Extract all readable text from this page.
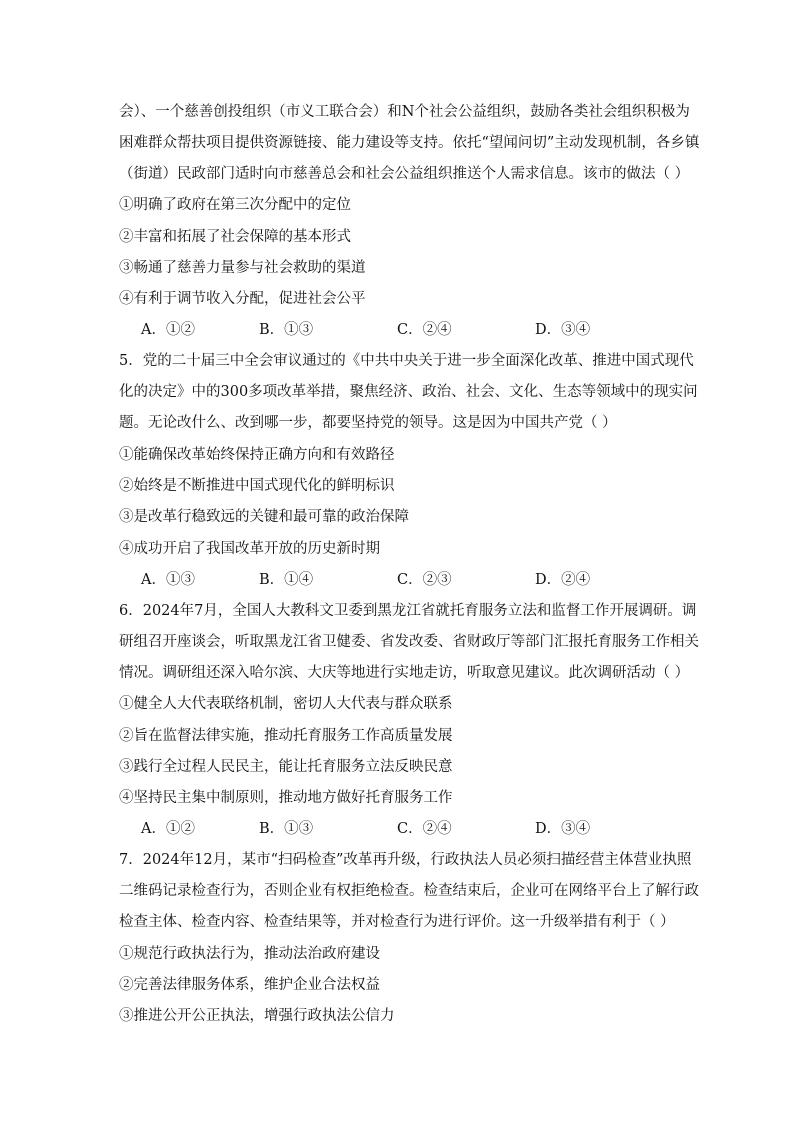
会）、一个慈善创投组织（市义工联合会）和N个社会公益组织，鼓励各类社会组织积极为
困难群众帮扶项目提供资源链接、能力建设等支持。依托“望闻问切”主动发现机制，各乡镇
（街道）民政部门适时向市慈善总会和社会公益组织推送个人需求信息。该市的做法（ ）
①明确了政府在第三次分配中的定位
②丰富和拓展了社会保障的基本形式
③畅通了慈善力量参与社会救助的渠道
④有利于调节收入分配，促进社会公平
A．①②	B．①③	C．②④	D．③④
5．党的二十届三中全会审议通过的《中共中央关于进一步全面深化改革、推进中国式现代
化的决定》中的300多项改革举措，聚焦经济、政治、社会、文化、生态等领域中的现实问
题。无论改什么、改到哪一步，都要坚持党的领导。这是因为中国共产党（ ）
①能确保改革始终保持正确方向和有效路径
②始终是不断推进中国式现代化的鲜明标识
③是改革行稳致远的关键和最可靠的政治保障
④成功开启了我国改革开放的历史新时期
A．①③	B．①④	C．②③	D．②④
6．2024年7月，全国人大教科文卫委到黑龙江省就托育服务立法和监督工作开展调研。调
研组召开座谈会，听取黑龙江省卫健委、省发改委、省财政厅等部门汇报托育服务工作相关
情况。调研组还深入哈尔滨、大庆等地进行实地走访，听取意见建议。此次调研活动（ ）
①健全人大代表联络机制，密切人大代表与群众联系
②旨在监督法律实施，推动托育服务工作高质量发展
③践行全过程人民民主，能让托育服务立法反映民意
④坚持民主集中制原则，推动地方做好托育服务工作
A．①②	B．①③	C．②④	D．③④
7．2024年12月，某市“扫码检查”改革再升级，行政执法人员必须扫描经营主体营业执照
二维码记录检查行为，否则企业有权拒绝检查。检查结束后，企业可在网络平台上了解行政
检查主体、检查内容、检查结果等，并对检查行为进行评价。这一升级举措有利于（ ）
①规范行政执法行为，推动法治政府建设
②完善法律服务体系，维护企业合法权益
③推进公开公正执法，增强行政执法公信力
